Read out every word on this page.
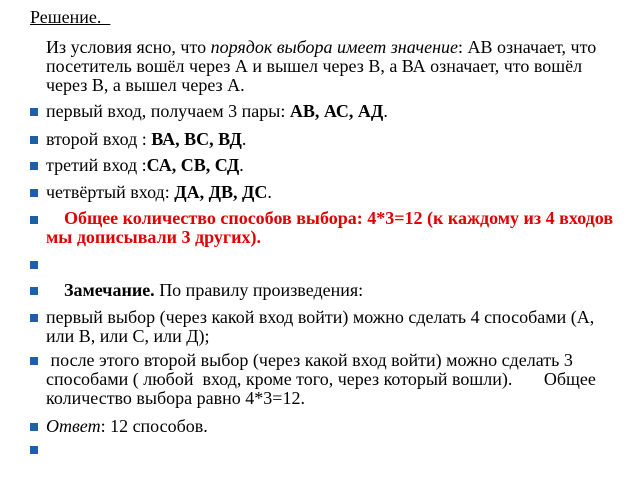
Решение.
Из условия ясно, что порядок выбора имеет значение: АВ означает, что посетитель вошёл через А и вышел через В, а ВА означает, что вошёл через В, а вышел через А.
первый вход, получаем 3 пары: АВ, АС, АД.
второй вход : ВА, ВС, ВД.
третий вход :СА, СВ, СД.
четвёртый вход: ДА, ДВ, ДС.
Общее количество способов выбора: 4*3=12 (к каждому из 4 входов мы дописывали 3 других).
Замечание. По правилу произведения:
первый выбор (через какой вход войти) можно сделать 4 способами (А, или В, или С, или Д);
после этого второй выбор (через какой вход войти) можно сделать 3 способами ( любой  вход, кроме того, через который вошли).       Общее количество выбора равно 4*3=12.
Ответ: 12 способов.
